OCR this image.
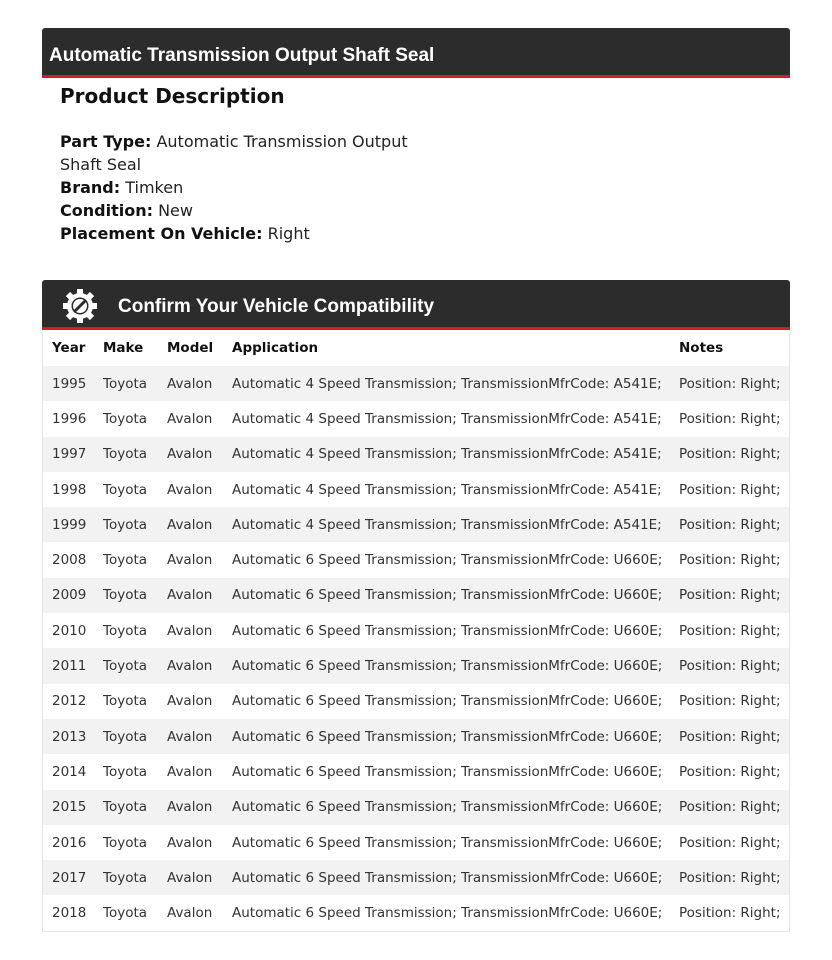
Automatic Transmission Output Shaft Seal
Product Description

Part Type: Automatic Transmission Output Shaft Seal

Brand: Timken

Condition: New

Placement On Vehicle: Right

Confirm Your Vehicle Compatibility
Year Make Model Application	Notes
1995 Toyota Avalon Automatic 4 Speed Transmission; TransmissionMfrCode: A541E; Position: Right;
1996 Toyota Avalon Automatic 4 Speed Transmission; TransmissionMfrCode: A541E; Position: Right;
1997 Toyota Avalon Automatic 4 Speed Transmission; TransmissionMfrCode: A541E; Position: Right;
1998 Toyota Avalon Automatic 4 Speed Transmission; TransmissionMfrCode: A541E; Position: Right;
1999 Toyota Avalon Automatic 4 Speed Transmission; TransmissionMfrCode: A541E; Position: Right;
2008 Toyota Avalon Automatic 6 Speed Transmission; TransmissionMfrCode: U660E; Position: Right;
2009 Toyota Avalon Automatic 6 Speed Transmission; TransmissionMfrCode: U660E; Position: Right;
2010 Toyota Avalon Automatic 6 Speed Transmission; TransmissionMfrCode: U660E; Position: Right;
2011 Toyota Avalon Automatic 6 Speed Transmission; TransmissionMfrCode: U660E; Position: Right;
2012 Toyota Avalon Automatic 6 Speed Transmission; TransmissionMfrCode: U660E; Position: Right;
2013 Toyota Avalon Automatic 6 Speed Transmission; TransmissionMfrCode: U660E; Position: Right;
2014 Toyota Avalon Automatic 6 Speed Transmission; TransmissionMfrCode: U660E; Position: Right;
2015 Toyota Avalon Automatic 6 Speed Transmission; TransmissionMfrCode: U660E; Position: Right;
2016 Toyota Avalon Automatic 6 Speed Transmission; TransmissionMfrCode: U660E; Position: Right;
2017 Toyota Avalon Automatic 6 Speed Transmission; TransmissionMfrCode: U660E; Position: Right;
2018 Toyota Avalon Automatic 6 Speed Transmission; TransmissionMfrCode: U660E; Position: Right;
